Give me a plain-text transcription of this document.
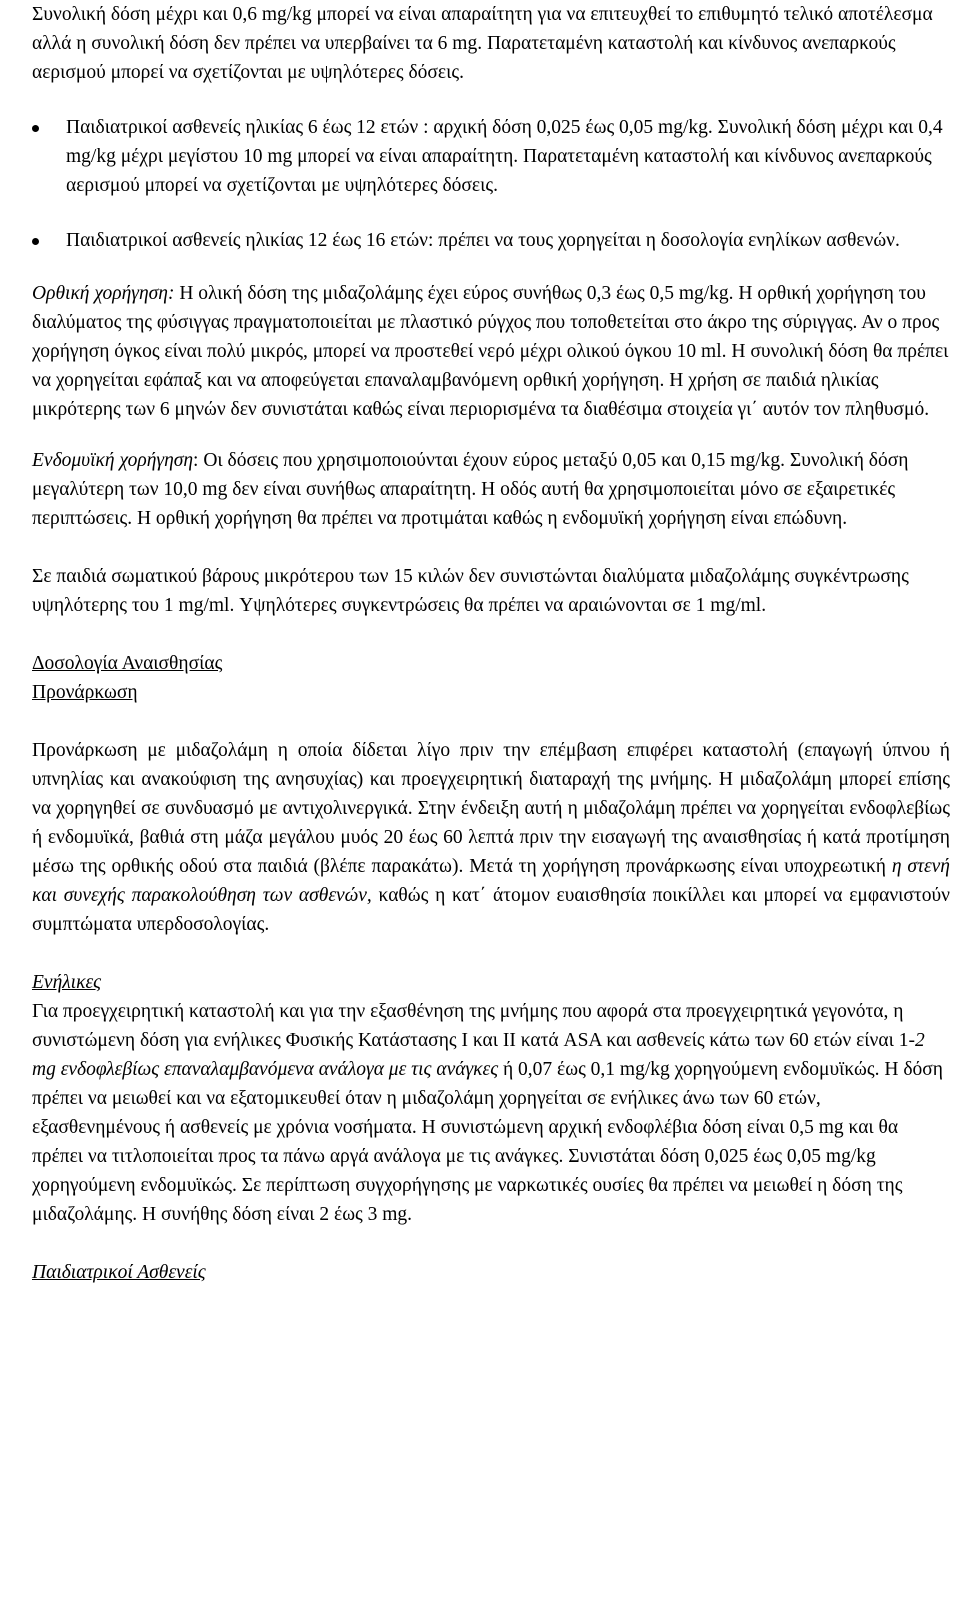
Συνολική δόση μέχρι και 0,6 mg/kg μπορεί να είναι απαραίτητη για να επιτευχθεί το επιθυμητό τελικό αποτέλεσμα αλλά η συνολική δόση δεν πρέπει να υπερβαίνει τα 6 mg. Παρατεταμένη καταστολή και κίνδυνος ανεπαρκούς αερισμού μπορεί να σχετίζονται με υψηλότερες δόσεις.

Παιδιατρικοί ασθενείς ηλικίας 6 έως 12 ετών : αρχική δόση 0,025 έως 0,05 mg/kg. Συνολική δόση μέχρι και 0,4 mg/kg μέχρι μεγίστου 10 mg μπορεί να είναι απαραίτητη. Παρατεταμένη καταστολή και κίνδυνος ανεπαρκούς αερισμού μπορεί να σχετίζονται με υψηλότερες δόσεις.
Παιδιατρικοί ασθενείς ηλικίας 12 έως 16 ετών: πρέπει να τους χορηγείται η δοσολογία ενηλίκων ασθενών.

Ορθική χορήγηση: Η ολική δόση της μιδαζολάμης έχει εύρος συνήθως 0,3 έως 0,5 mg/kg. Η ορθική χορήγηση του διαλύματος της φύσιγγας πραγματοποιείται με πλαστικό ρύγχος που τοποθετείται στο άκρο της σύριγγας. Αν ο προς χορήγηση όγκος είναι πολύ μικρός, μπορεί να προστεθεί νερό μέχρι ολικού όγκου 10 ml. Η συνολική δόση θα πρέπει να χορηγείται εφάπαξ και να αποφεύγεται επαναλαμβανόμενη ορθική χορήγηση. Η χρήση σε παιδιά ηλικίας μικρότερης των 6 μηνών δεν συνιστάται καθώς είναι περιορισμένα τα διαθέσιμα στοιχεία γι΄ αυτόν τον πληθυσμό.

Ενδομυϊκή χορήγηση: Οι δόσεις που χρησιμοποιούνται έχουν εύρος μεταξύ 0,05 και 0,15 mg/kg. Συνολική δόση μεγαλύτερη των 10,0 mg δεν είναι συνήθως απαραίτητη. Η οδός αυτή θα χρησιμοποιείται μόνο σε εξαιρετικές περιπτώσεις. Η ορθική χορήγηση θα πρέπει να προτιμάται καθώς η ενδομυϊκή χορήγηση είναι επώδυνη.

Σε παιδιά σωματικού βάρους μικρότερου των 15 κιλών δεν συνιστώνται διαλύματα μιδαζολάμης συγκέντρωσης υψηλότερης του 1 mg/ml. Υψηλότερες συγκεντρώσεις θα πρέπει να αραιώνονται σε 1 mg/ml.

Δοσολογία Αναισθησίας
Προνάρκωση

Προνάρκωση με μιδαζολάμη η οποία δίδεται λίγο πριν την επέμβαση επιφέρει καταστολή (επαγωγή ύπνου ή υπνηλίας και ανακούφιση της ανησυχίας) και προεγχειρητική διαταραχή της μνήμης. Η μιδαζολάμη μπορεί επίσης να χορηγηθεί σε συνδυασμό με αντιχολινεργικά. Στην ένδειξη αυτή η μιδαζολάμη πρέπει να χορηγείται ενδοφλεβίως ή ενδομυϊκά, βαθιά στη μάζα μεγάλου μυός 20 έως 60 λεπτά πριν την εισαγωγή της αναισθησίας ή κατά προτίμηση μέσω της ορθικής οδού στα παιδιά (βλέπε παρακάτω). Μετά τη χορήγηση προνάρκωσης είναι υποχρεωτική η στενή και συνεχής παρακολούθηση των ασθενών, καθώς η κατ΄ άτομον ευαισθησία ποικίλλει και μπορεί να εμφανιστούν συμπτώματα υπερδοσολογίας.

Ενήλικες
Για προεγχειρητική καταστολή και για την εξασθένηση της μνήμης που αφορά στα προεγχειρητικά γεγονότα, η συνιστώμενη δόση για ενήλικες Φυσικής Κατάστασης I και II κατά ASA και ασθενείς κάτω των 60 ετών είναι 1-2 mg ενδοφλεβίως επαναλαμβανόμενα ανάλογα με τις ανάγκες ή 0,07 έως 0,1 mg/kg χορηγούμενη ενδομυϊκώς. Η δόση πρέπει να μειωθεί και να εξατομικευθεί όταν η μιδαζολάμη χορηγείται σε ενήλικες άνω των 60 ετών, εξασθενημένους ή ασθενείς με χρόνια νοσήματα. Η συνιστώμενη αρχική ενδοφλέβια δόση είναι 0,5 mg και θα πρέπει να τιτλοποιείται προς τα πάνω αργά ανάλογα με τις ανάγκες. Συνιστάται δόση 0,025 έως 0,05 mg/kg χορηγούμενη ενδομυϊκώς. Σε περίπτωση συγχορήγησης με ναρκωτικές ουσίες θα πρέπει να μειωθεί η δόση της μιδαζολάμης. Η συνήθης δόση είναι 2 έως 3 mg.

Παιδιατρικοί Ασθενείς
